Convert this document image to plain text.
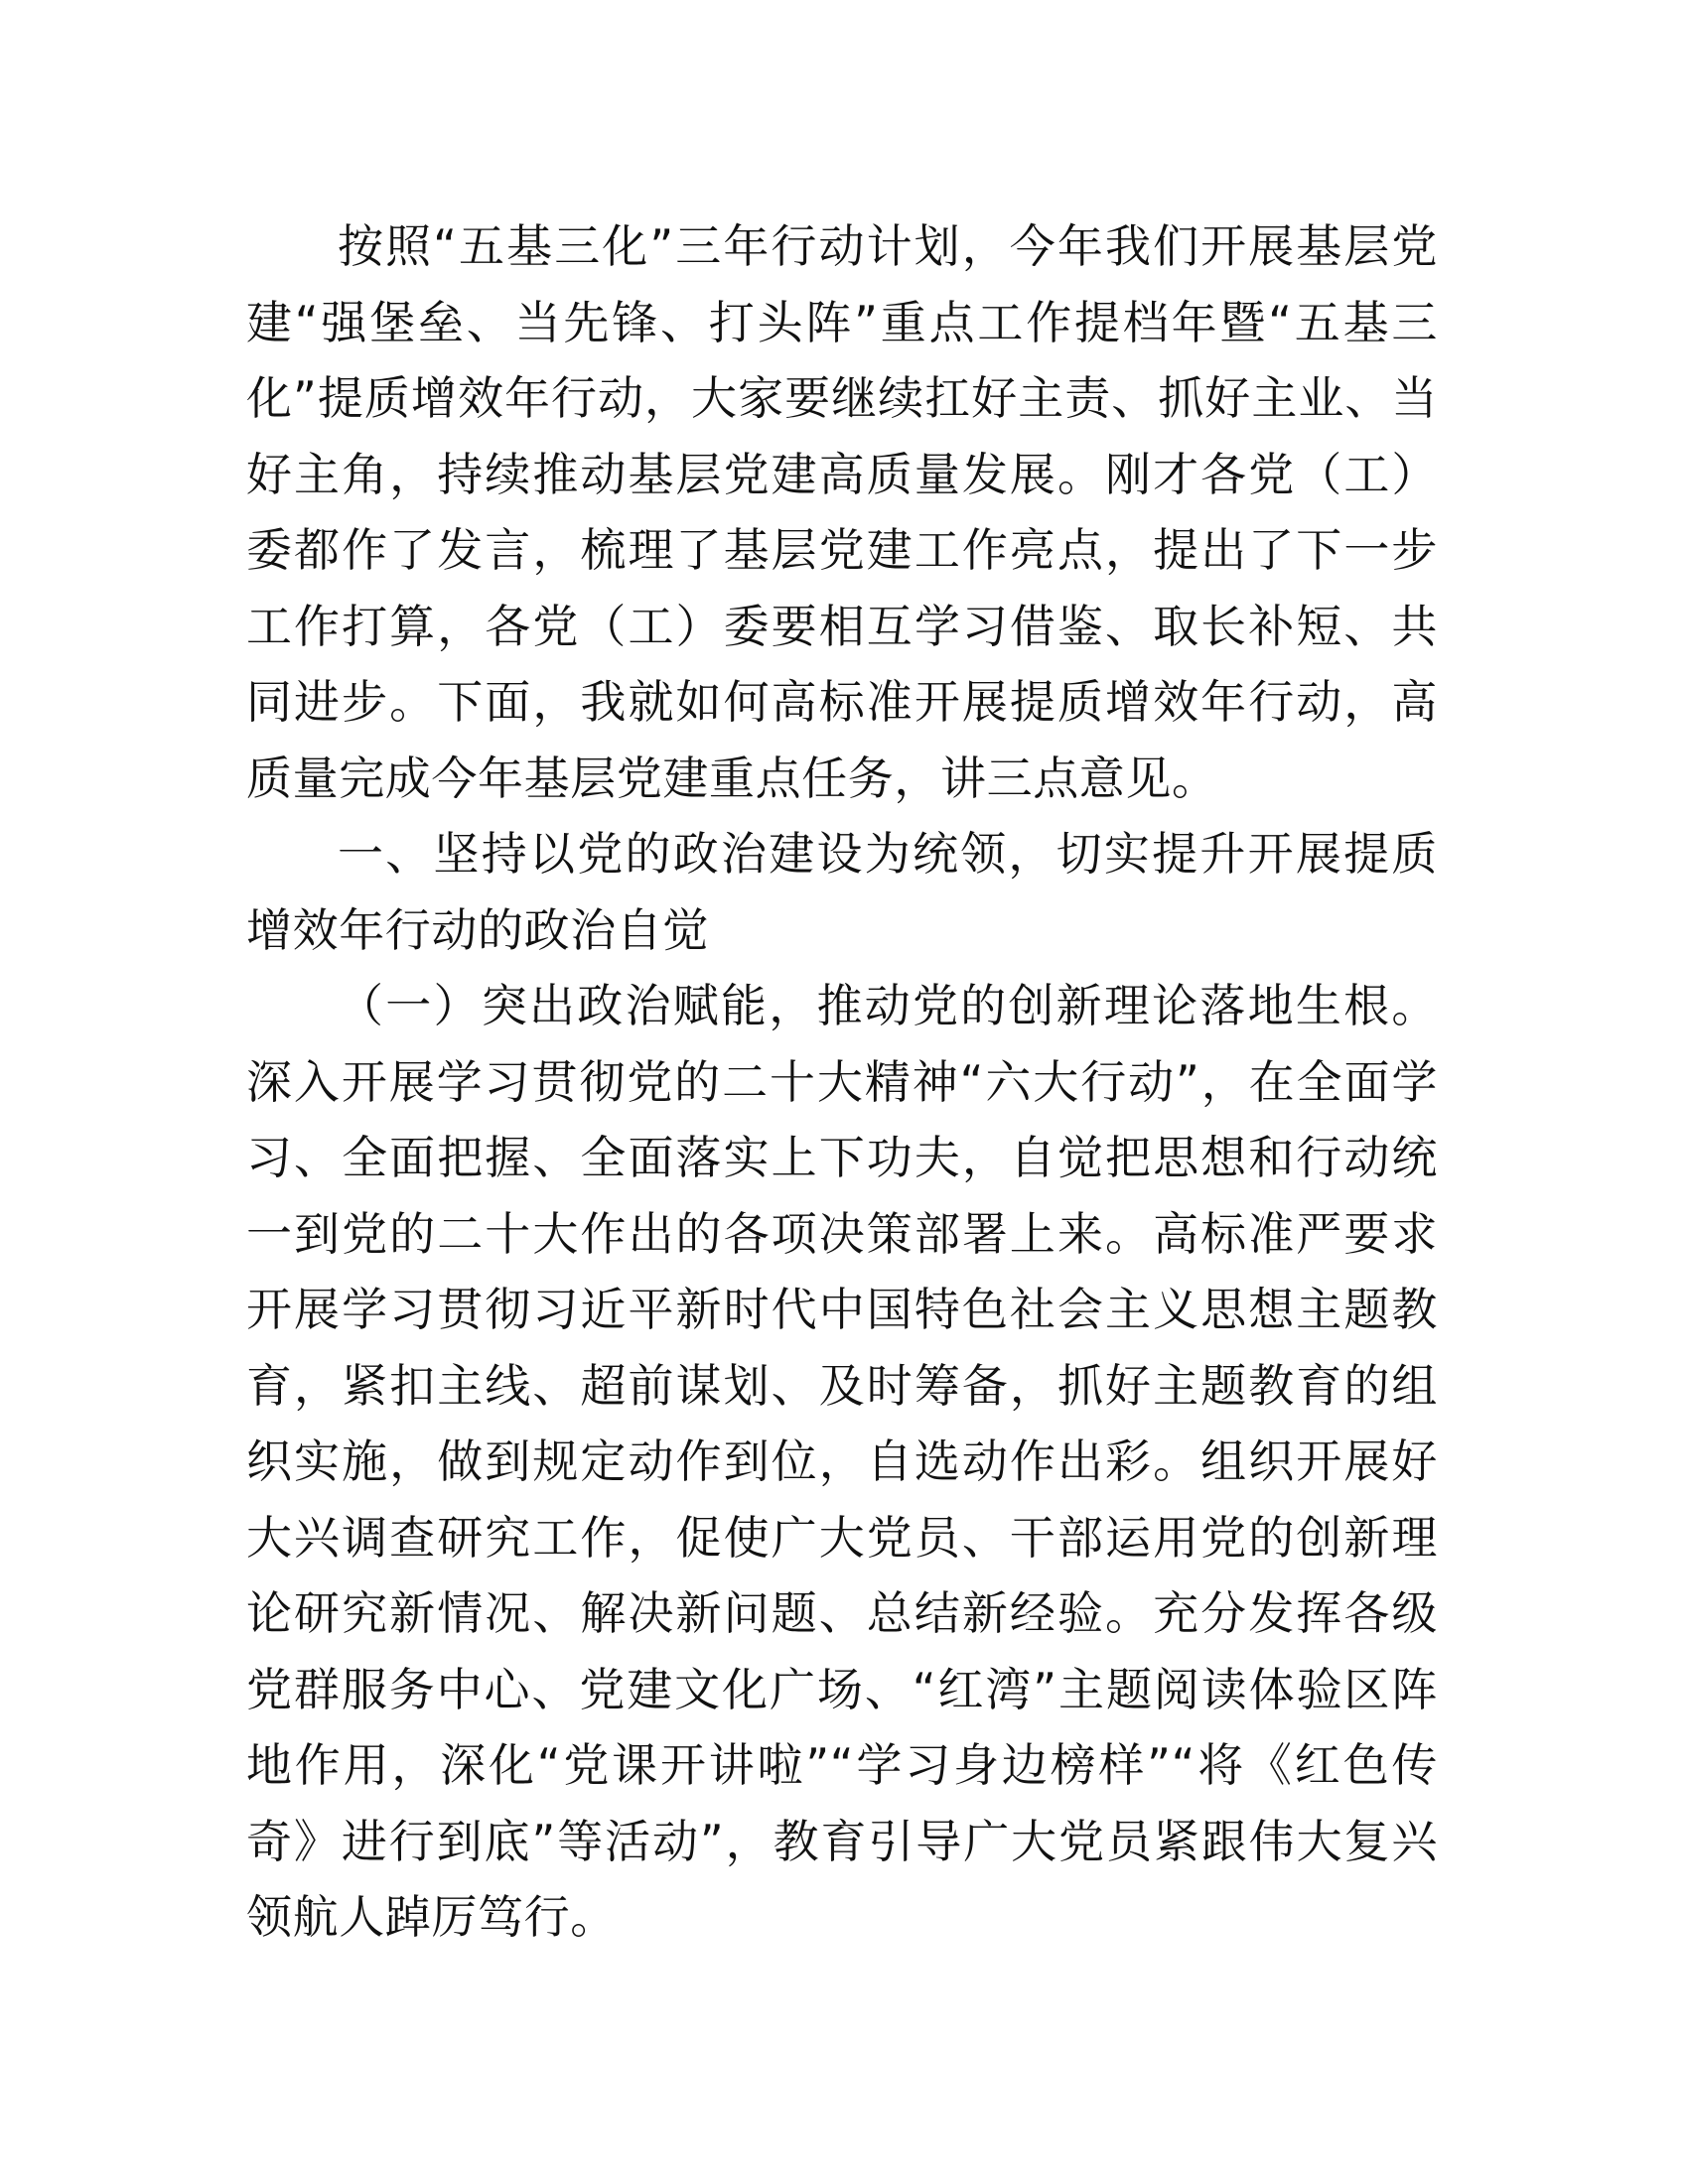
按照“五基三化”三年行动计划，今年我们开展基层党建“强堡垒、当先锋、打头阵”重点工作提档年暨“五基三化”提质增效年行动，大家要继续扛好主责、抓好主业、当好主角，持续推动基层党建高质量发展。刚才各党（工）委都作了发言，梳理了基层党建工作亮点，提出了下一步工作打算，各党（工）委要相互学习借鉴、取长补短、共同进步。下面，我就如何高标准开展提质增效年行动，高质量完成今年基层党建重点任务，讲三点意见。

一、坚持以党的政治建设为统领，切实提升开展提质增效年行动的政治自觉

（一）突出政治赋能，推动党的创新理论落地生根。深入开展学习贯彻党的二十大精神“六大行动”，在全面学习、全面把握、全面落实上下功夫，自觉把思想和行动统一到党的二十大作出的各项决策部署上来。高标准严要求开展学习贯彻习近平新时代中国特色社会主义思想主题教育，紧扣主线、超前谋划、及时筹备，抓好主题教育的组织实施，做到规定动作到位，自选动作出彩。组织开展好大兴调查研究工作，促使广大党员、干部运用党的创新理论研究新情况、解决新问题、总结新经验。充分发挥各级党群服务中心、党建文化广场、“红湾”主题阅读体验区阵地作用，深化“党课开讲啦”“学习身边榜样”“将《红色传奇》进行到底”等活动”，教育引导广大党员紧跟伟大复兴领航人踔厉笃行。
